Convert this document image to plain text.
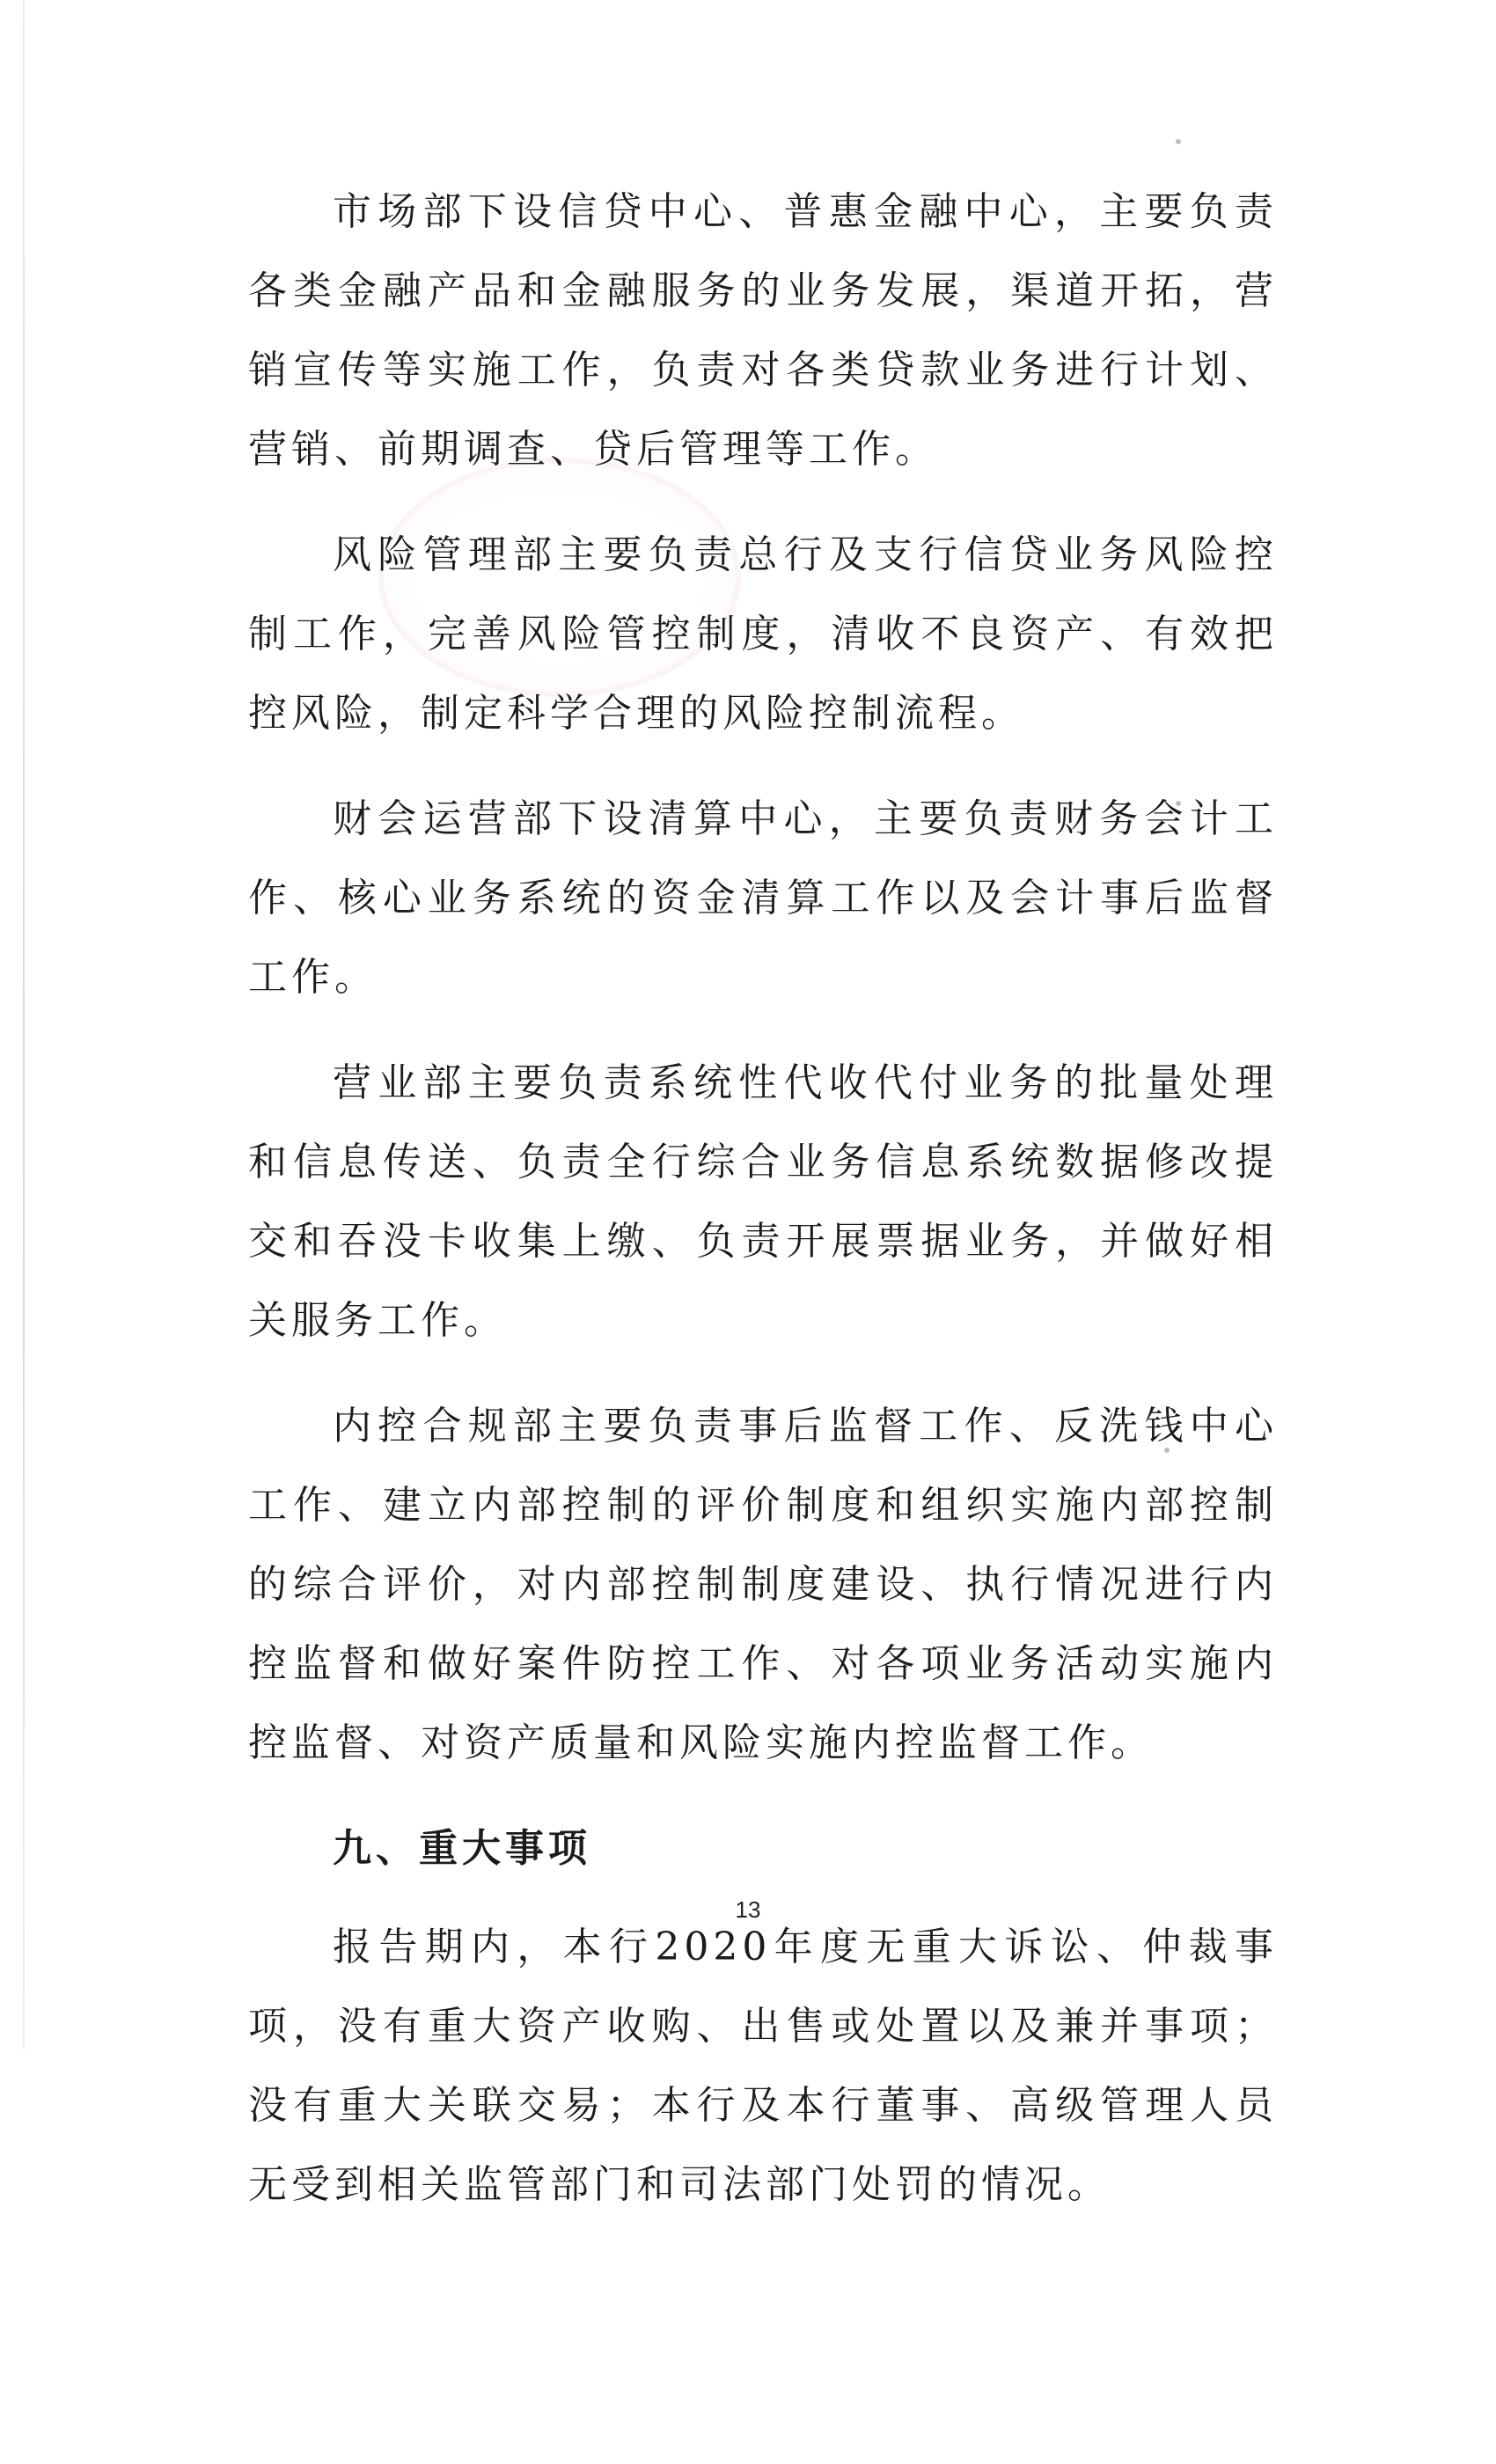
市场部下设信贷中心、普惠金融中心，主要负责各类金融产品和金融服务的业务发展，渠道开拓，营销宣传等实施工作，负责对各类贷款业务进行计划、营销、前期调查、贷后管理等工作。

风险管理部主要负责总行及支行信贷业务风险控制工作，完善风险管控制度，清收不良资产、有效把控风险，制定科学合理的风险控制流程。

财会运营部下设清算中心，主要负责财务会计工作、核心业务系统的资金清算工作以及会计事后监督工作。

营业部主要负责系统性代收代付业务的批量处理和信息传送、负责全行综合业务信息系统数据修改提交和吞没卡收集上缴、负责开展票据业务，并做好相关服务工作。

内控合规部主要负责事后监督工作、反洗钱中心工作、建立内部控制的评价制度和组织实施内部控制的综合评价，对内部控制制度建设、执行情况进行内控监督和做好案件防控工作、对各项业务活动实施内控监督、对资产质量和风险实施内控监督工作。

九、重大事项

报告期内，本行2020年度无重大诉讼、仲裁事项，没有重大资产收购、出售或处置以及兼并事项；没有重大关联交易；本行及本行董事、高级管理人员无受到相关监管部门和司法部门处罚的情况。

13
